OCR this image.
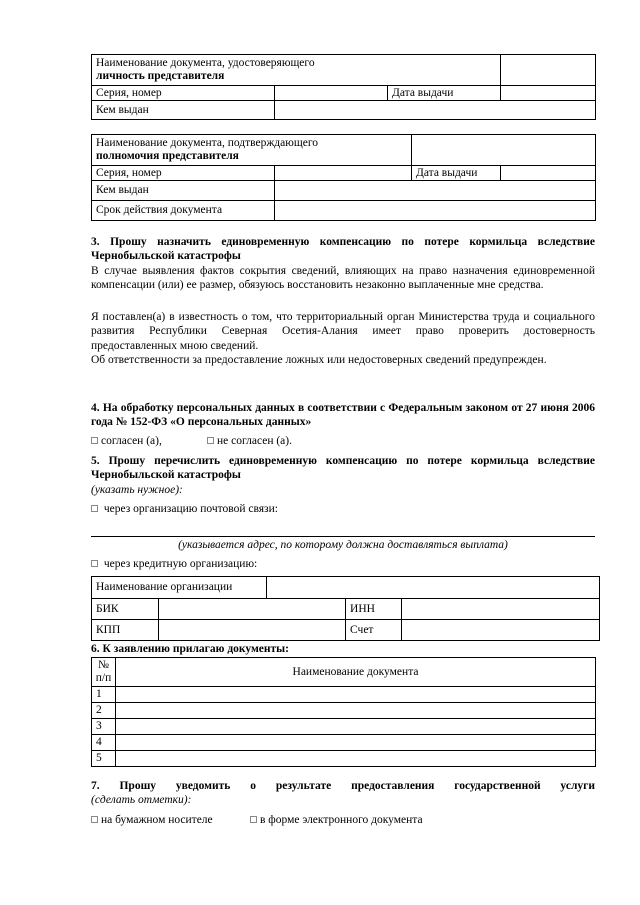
Наименование документа, удостоверяющего
личность представителя			

Серия, номер		Дата выдачи	
Кем выдан			
Наименование документа, подтверждающего
полномочия представителя			

Серия, номер		Дата выдачи	
Кем выдан			
Срок действия документа			
3. Прошу назначить единовременную компенсацию по потере кормильца вследствие Чернобыльской катастрофы
В случае выявления фактов сокрытия сведений, влияющих на право назначения единовременной компенсации (или) ее размер, обязуюсь восстановить незаконно выплаченные мне средства.
Я поставлен(а) в известность о том, что территориальный орган Министерства труда и социального развития Республики Северная Осетия-Алания имеет право проверить достоверность предоставленных мною сведений.
Об ответственности за предоставление ложных или недостоверных сведений предупрежден.
4. На обработку персональных данных в соответствии с Федеральным законом от 27 июня 2006 года № 152-ФЗ «О персональных данных»
согласен (а),	не согласен (а).
5. Прошу перечислить единовременную компенсацию по потере кормильца вследствие Чернобыльской катастрофы
(указать нужное):
через организацию почтовой связи:
(указывается адрес, по которому должна доставляться выплата)
через кредитную организацию:
Наименование организации				
БИК			ИНН	
КПП			Счет	
6. К заявлению прилагаю документы:
№
п/п	Наименование документа
1	
2	
3	
4	
5	
7. Прошу уведомить о результате предоставления государственной услуги
(сделать отметки):
на бумажном носителе	в форме электронного документа
